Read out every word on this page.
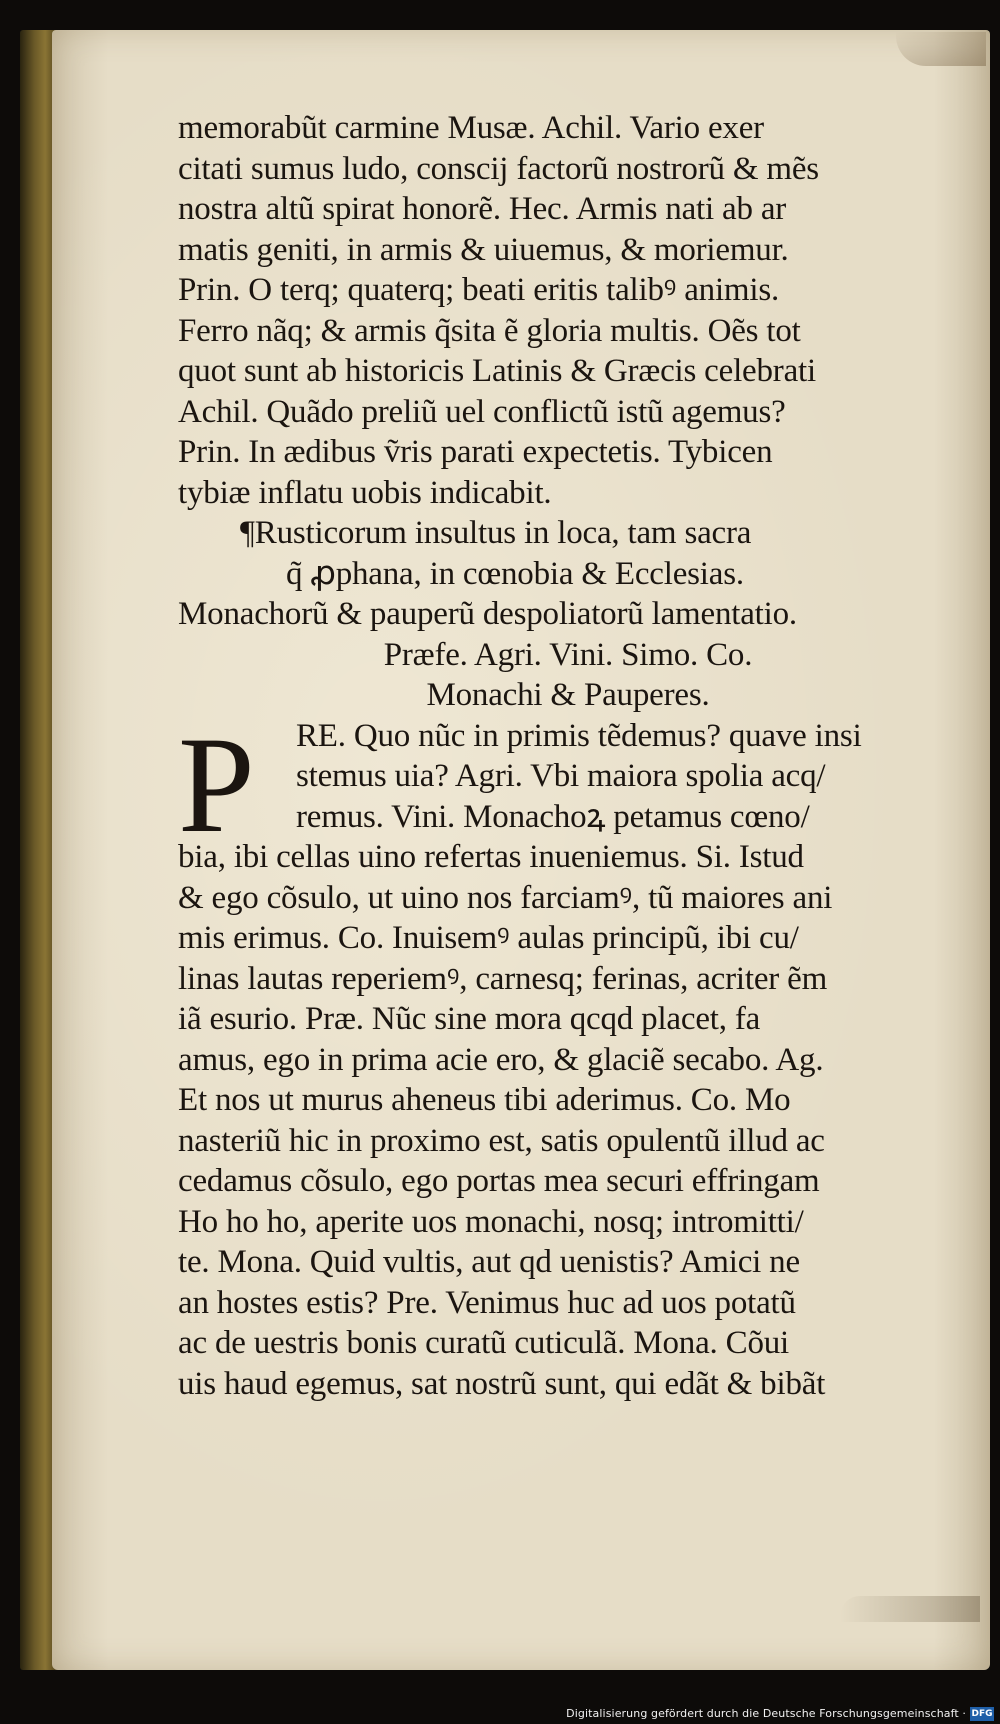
memorabũt carmine Musæ. Achil. Vario exer
citati sumus ludo, conscij factorũ nostrorũ & mẽs
nostra altũ spirat honorẽ. Hec. Armis nati ab ar
matis geniti, in armis & uiuemus, & moriemur.
Prin. O terq; quaterq; beati eritis talibꝰ animis.
Ferro nãq; & armis q̃sita ẽ gloria multis. Oẽs tot
quot sunt ab historicis Latinis & Græcis celebrati
Achil. Quãdo preliũ uel conflictũ istũ agemus?
Prin. In ædibus ṽris parati expectetis. Tybicen
tybiæ inflatu uobis indicabit.
¶Rusticorum insultus in loca, tam sacra
q̃ ꝓphana, in cœnobia & Ecclesias.
Monachorũ & pauperũ despoliatorũ lamentatio.
Præfe. Agri. Vini. Simo. Co.
Monachi & Pauperes.
P	RE. Quo nũc in primis tẽdemus? quave insi
stemus uia? Agri. Vbi maiora spolia acq/
remus. Vini. Monachoꝝ petamus cœno/
bia, ibi cellas uino refertas inueniemus. Si. Istud
& ego cõsulo, ut uino nos farciamꝰ, tũ maiores ani
mis erimus. Co. Inuisemꝰ aulas principũ, ibi cu/
linas lautas reperiemꝰ, carnesq; ferinas, acriter ẽm
iã esurio. Præ. Nũc sine mora qcqd placet, fa
amus, ego in prima acie ero, & glaciẽ secabo. Ag.
Et nos ut murus aheneus tibi aderimus. Co. Mo
nasteriũ hic in proximo est, satis opulentũ illud ac
cedamus cõsulo, ego portas mea securi effringam
Ho ho ho, aperite uos monachi, nosq; intromitti/
te. Mona. Quid vultis, aut qd uenistis? Amici ne
an hostes estis? Pre. Venimus huc ad uos potatũ
ac de uestris bonis curatũ cuticulã. Mona. Cõui
uis haud egemus, sat nostrũ sunt, qui edãt & bibãt
Digitalisierung gefördert durch die Deutsche Forschungsgemeinschaft · DFG
